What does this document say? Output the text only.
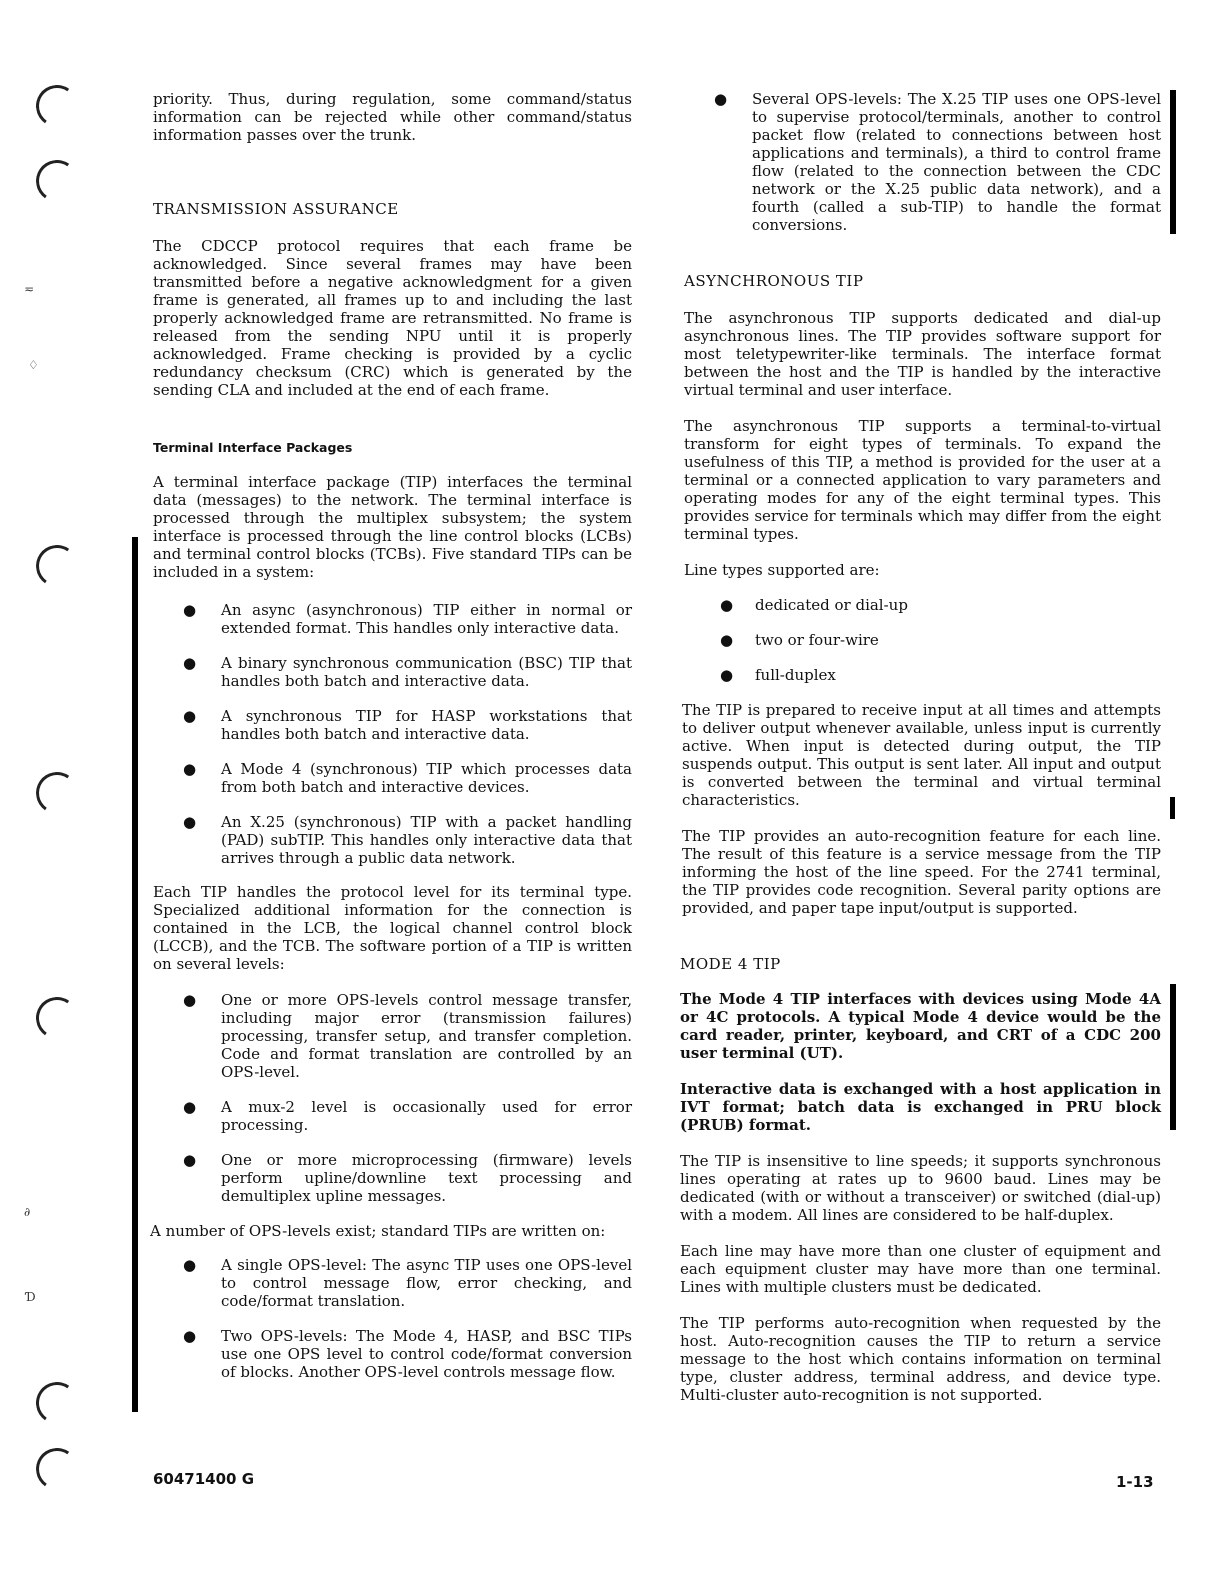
≂
♢
∂
Ɗ

priority. Thus, during regulation, some command/status information can be rejected while other command/status information passes over the trunk.

TRANSMISSION ASSURANCE

The CDCCP protocol requires that each frame be acknowledged. Since several frames may have been transmitted before a negative acknowledgment for a given frame is generated, all frames up to and including the last properly acknowledged frame are retransmitted. No frame is released from the sending NPU until it is properly acknowledged. Frame checking is provided by a cyclic redundancy checksum (CRC) which is generated by the sending CLA and included at the end of each frame.

Terminal Interface Packages

A terminal interface package (TIP) interfaces the terminal data (messages) to the network. The terminal interface is processed through the multiplex subsystem; the system interface is processed through the line control blocks (LCBs) and terminal control blocks (TCBs). Five standard TIPs can be included in a system:

● An async (asynchronous) TIP either in normal or extended format. This handles only interactive data.

● A binary synchronous communication (BSC) TIP that handles both batch and interactive data.

● A synchronous TIP for HASP workstations that handles both batch and interactive data.

● A Mode 4 (synchronous) TIP which processes data from both batch and interactive devices.

● An X.25 (synchronous) TIP with a packet handling (PAD) subTIP. This handles only interactive data that arrives through a public data network.

Each TIP handles the protocol level for its terminal type. Specialized additional information for the connection is contained in the LCB, the logical channel control block (LCCB), and the TCB. The software portion of a TIP is written on several levels:

● One or more OPS-levels control message transfer, including major error (transmission failures) processing, transfer setup, and transfer completion. Code and format translation are controlled by an OPS-level.

● A mux-2 level is occasionally used for error processing.

● One or more microprocessing (firmware) levels perform upline/downline text processing and demultiplex upline messages.

A number of OPS-levels exist; standard TIPs are written on:

● A single OPS-level: The async TIP uses one OPS-level to control message flow, error checking, and code/format translation.

● Two OPS-levels: The Mode 4, HASP, and BSC TIPs use one OPS level to control code/format conversion of blocks. Another OPS-level controls message flow.

● Several OPS-levels: The X.25 TIP uses one OPS-level to supervise protocol/terminals, another to control packet flow (related to connections between host applications and terminals), a third to control frame flow (related to the connection between the CDC network or the X.25 public data network), and a fourth (called a sub-TIP) to handle the format conversions.

ASYNCHRONOUS TIP

The asynchronous TIP supports dedicated and dial-up asynchronous lines. The TIP provides software support for most teletypewriter-like terminals. The interface format between the host and the TIP is handled by the interactive virtual terminal and user interface.

The asynchronous TIP supports a terminal-to-virtual transform for eight types of terminals. To expand the usefulness of this TIP, a method is provided for the user at a terminal or a connected application to vary parameters and operating modes for any of the eight terminal types. This provides service for terminals which may differ from the eight terminal types.

Line types supported are:

● dedicated or dial-up

● two or four-wire

● full-duplex

The TIP is prepared to receive input at all times and attempts to deliver output whenever available, unless input is currently active. When input is detected during output, the TIP suspends output. This output is sent later. All input and output is converted between the terminal and virtual terminal characteristics.

The TIP provides an auto-recognition feature for each line. The result of this feature is a service message from the TIP informing the host of the line speed. For the 2741 terminal, the TIP provides code recognition. Several parity options are provided, and paper tape input/output is supported.

MODE 4 TIP

The Mode 4 TIP interfaces with devices using Mode 4A or 4C protocols. A typical Mode 4 device would be the card reader, printer, keyboard, and CRT of a CDC 200 user terminal (UT).

Interactive data is exchanged with a host application in IVT format; batch data is exchanged in PRU block (PRUB) format.

The TIP is insensitive to line speeds; it supports synchronous lines operating at rates up to 9600 baud. Lines may be dedicated (with or without a transceiver) or switched (dial-up) with a modem. All lines are considered to be half-duplex.

Each line may have more than one cluster of equipment and each equipment cluster may have more than one terminal. Lines with multiple clusters must be dedicated.

The TIP performs auto-recognition when requested by the host. Auto-recognition causes the TIP to return a service message to the host which contains information on terminal type, cluster address, terminal address, and device type. Multi-cluster auto-recognition is not supported.

60471400 G	1-13
